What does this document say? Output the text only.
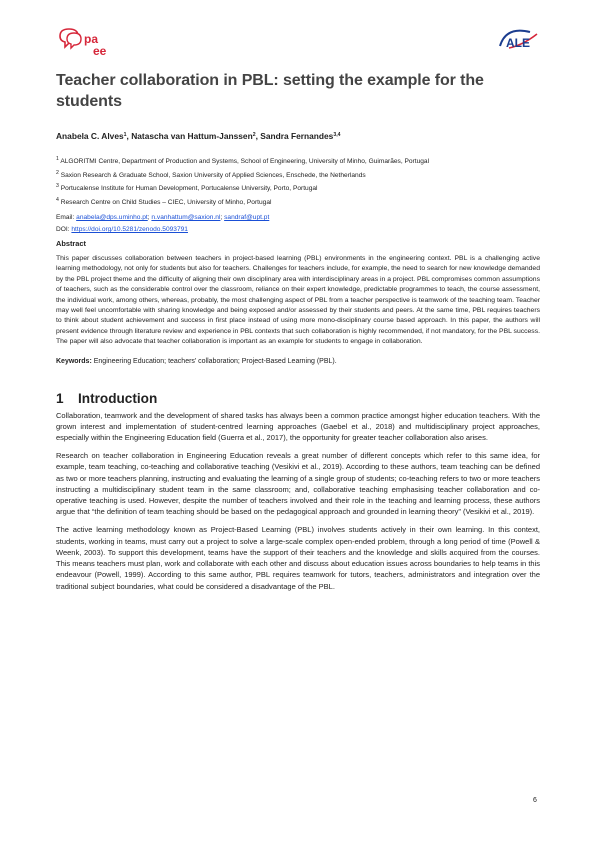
pa
ee
ALE
Teacher collaboration in PBL: setting the example for the students
Anabela C. Alves$^1$, Natascha van Hattum-Janssen$^2$, Sandra Fernandes$^{3,4}$
$^1$ ALGORITMI Centre, Department of Production and Systems, School of Engineering, University of Minho, Guimarães, Portugal
$^2$ Saxion Research & Graduate School, Saxion University of Applied Sciences, Enschede, the Netherlands
$^3$ Portucalense Institute for Human Development, Portucalense University, Porto, Portugal
$^4$ Research Centre on Child Studies – CIEC, University of Minho, Portugal
Email: anabela@dps.uminho.pt; n.vanhattum@saxion.nl; sandraf@upt.pt
DOI: https://doi.org/10.5281/zenodo.5093791
Abstract
This paper discusses collaboration between teachers in project-based learning (PBL) environments in the engineering context. PBL is a challenging active learning methodology, not only for students but also for teachers. Challenges for teachers include, for example, the need to search for new knowledge demanded by the PBL project theme and the difficulty of aligning their own disciplinary area with interdisciplinary areas in a project. PBL compromises common assumptions of teachers, such as the considerable control over the classroom, reliance on their expert knowledge, predictable programmes to teach, the course assessment, the individual work, among others, whereas, probably, the most challenging aspect of PBL from a teacher perspective is teamwork of the teaching team. Teacher may well feel uncomfortable with sharing knowledge and being exposed and/or assessed by their students and peers. At the same time, PBL requires teachers to think about student achievement and success in first place instead of using more mono-disciplinary course based approach. In this paper, the authors will present evidence through literature review and experience in PBL contexts that such collaboration is highly recommended, if not mandatory, for the PBL success. The paper will also advocate that teacher collaboration is important as an example for students to engage in collaboration.
Keywords: Engineering Education; teachers’ collaboration; Project-Based Learning (PBL).
1 Introduction
Collaboration, teamwork and the development of shared tasks has always been a common practice amongst higher education teachers. With the grown interest and implementation of student-centred learning approaches (Gaebel et al., 2018) and multidisciplinary project approaches, especially within the Engineering Education field (Guerra et al., 2017), the opportunity for greater teacher collaboration also arises.
Research on teacher collaboration in Engineering Education reveals a great number of different concepts which refer to this same idea, for example, team teaching, co-teaching and collaborative teaching (Vesikivi et al., 2019). According to these authors, team teaching can be defined as two or more teachers planning, instructing and evaluating the learning of a single group of students; co-teaching refers to two or more teachers instructing a multidisciplinary student team in the same classroom; and, collaborative teaching emphasising teacher collaboration and co-operative teaching is used. However, despite the number of teachers involved and their role in the teaching and learning process, these authors argue that “the definition of team teaching should be based on the pedagogical approach and grounded in learning theory” (Vesikivi et al., 2019).
The active learning methodology known as Project-Based Learning (PBL) involves students actively in their own learning. In this context, students, working in teams, must carry out a project to solve a large-scale complex open-ended problem, through a long period of time (Powell & Weenk, 2003). To support this development, teams have the support of their teachers and the knowledge and skills acquired from the courses. This means teachers must plan, work and collaborate with each other and discuss about education issues across boundaries to help teams in this endeavour (Powell, 1999). According to this same author, PBL requires teamwork for tutors, teachers, administrators and integration over the traditional subject boundaries, what could be considered a disadvantage of the PBL.
6
